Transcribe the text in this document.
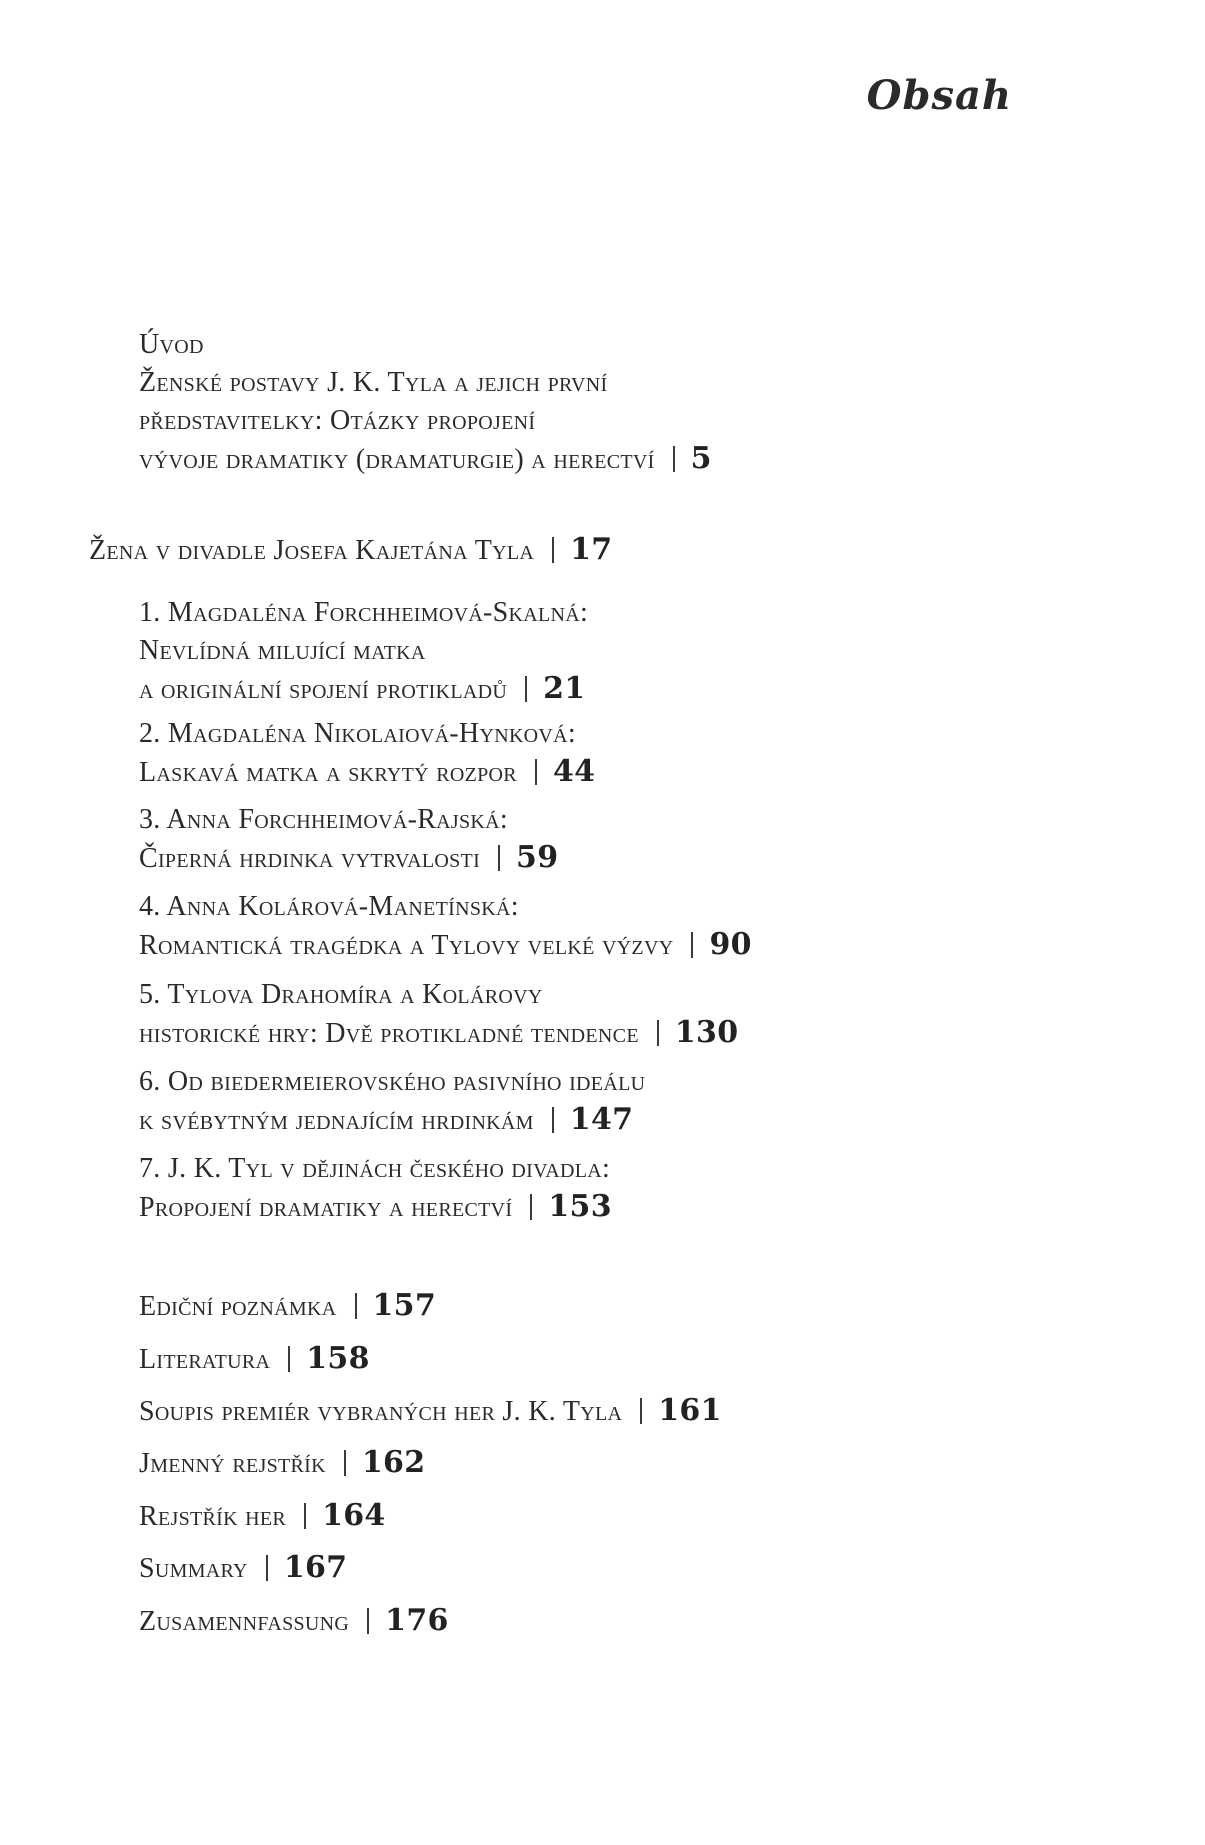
Obsah
Úvod
Ženské postavy J. K. Tyla a jejich první
představitelky: Otázky propojení
vývoje dramatiky (dramaturgie) a herectví 5
Žena v divadle Josefa Kajetána Tyla 17
1. Magdaléna Forchheimová-Skalná:
Nevlídná milující matka
a originální spojení protikladů 21
2. Magdaléna Nikolaiová-Hynková:
Laskavá matka a skrytý rozpor 44
3. Anna Forchheimová-Rajská:
Čiperná hrdinka vytrvalosti 59
4. Anna Kolárová-Manetínská:
Romantická tragédka a Tylovy velké výzvy 90
5. Tylova Drahomíra a Kolárovy
historické hry: Dvě protikladné tendence 130
6. Od biedermeierovského pasivního ideálu
k svébytným jednajícím hrdinkám 147
7. J. K. Tyl v dějinách českého divadla:
Propojení dramatiky a herectví 153
Ediční poznámka 157
Literatura 158
Soupis premiér vybraných her J. K. Tyla 161
Jmenný rejstřík 162
Rejstřík her 164
Summary 167
Zusamennfassung 176
